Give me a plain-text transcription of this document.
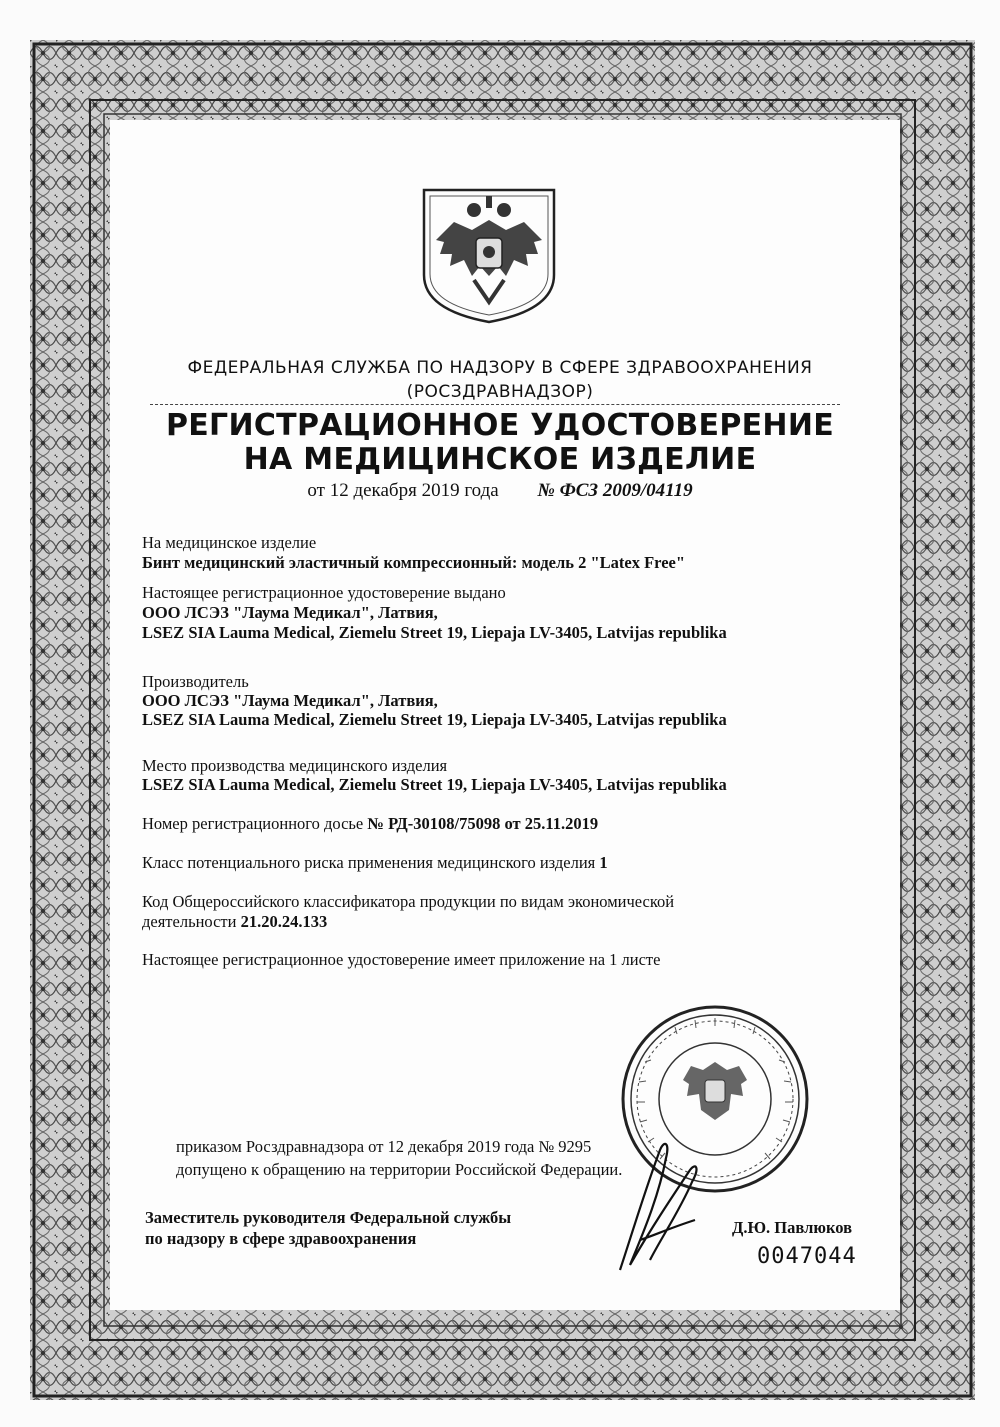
ФЕДЕРАЛЬНАЯ СЛУЖБА ПО НАДЗОРУ В СФЕРЕ ЗДРАВООХРАНЕНИЯ
(РОСЗДРАВНАДЗОР)
РЕГИСТРАЦИОННОЕ УДОСТОВЕРЕНИЕ
НА МЕДИЦИНСКОЕ ИЗДЕЛИЕ
от 12 декабря 2019 года № ФСЗ 2009/04119
На медицинское изделие
Бинт медицинский эластичный компрессионный: модель 2 "Latex Free"
Настоящее регистрационное удостоверение выдано
ООО ЛСЭЗ "Лаума Медикал", Латвия,
LSEZ SIA Lauma Medical, Ziemelu Street 19, Liepaja LV-3405, Latvijas republika
Производитель
ООО ЛСЭЗ "Лаума Медикал", Латвия,
LSEZ SIA Lauma Medical, Ziemelu Street 19, Liepaja LV-3405, Latvijas republika
Место производства медицинского изделия
LSEZ SIA Lauma Medical, Ziemelu Street 19, Liepaja LV-3405, Latvijas republika
Номер регистрационного досье № РД-30108/75098 от 25.11.2019
Класс потенциального риска применения медицинского изделия 1
Код Общероссийского классификатора продукции по видам экономической
деятельности 21.20.24.133
Настоящее регистрационное удостоверение имеет приложение на 1 листе
приказом Росздравнадзора от 12 декабря 2019 года № 9295
допущено к обращению на территории Российской Федерации.
Заместитель руководителя Федеральной службы
по надзору в сфере здравоохранения
Д.Ю. Павлюков
0047044
